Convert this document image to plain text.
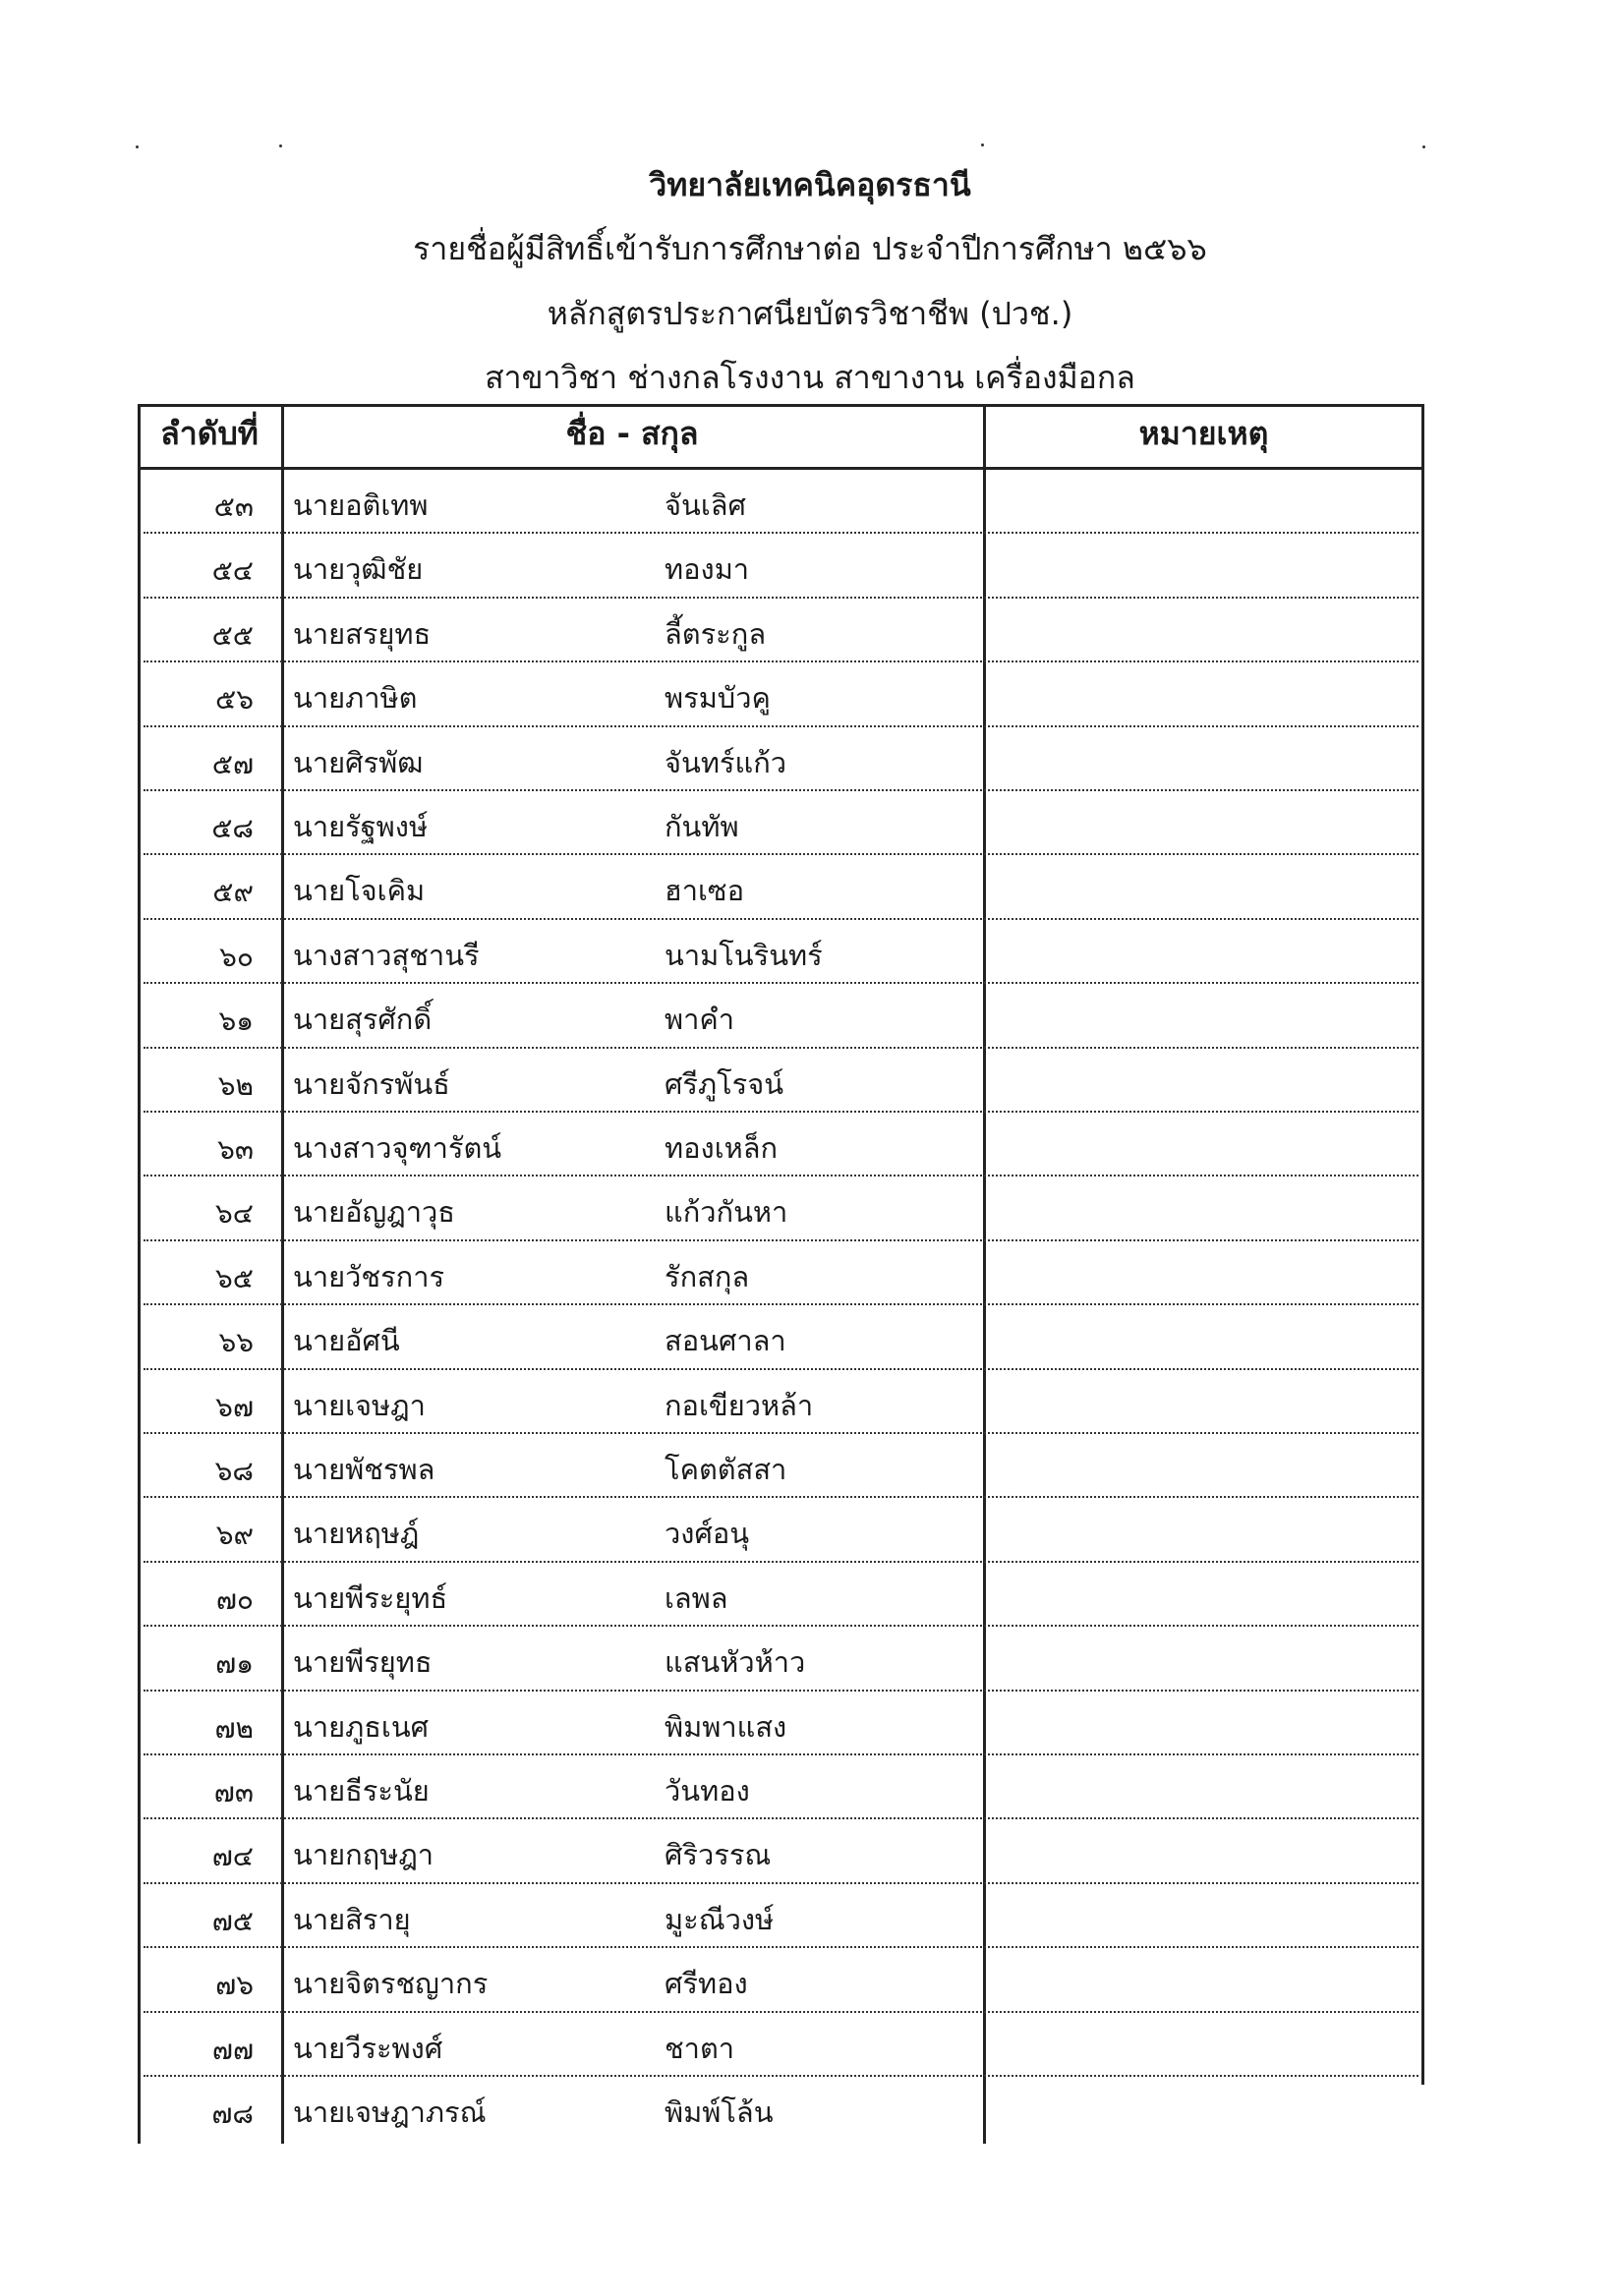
วิทยาลัยเทคนิคอุดรธานี
รายชื่อผู้มีสิทธิ์เข้ารับการศึกษาต่อ ประจำปีการศึกษา ๒๕๖๖
หลักสูตรประกาศนียบัตรวิชาชีพ (ปวช.)
สาขาวิชา ช่างกลโรงงาน สาขางาน เครื่องมือกล
ลำดับที่	ชื่อ - สกุล	หมายเหตุ
๕๓ นายอติเทพ	จันเลิศ
๕๔ นายวุฒิชัย	ทองมา
๕๕ นายสรยุทธ	ลี้ตระกูล
๕๖ นายภาษิต	พรมบัวคู
๕๗ นายศิรพัฒ	จันทร์แก้ว
๕๘ นายรัฐพงษ์	กันทัพ
๕๙ นายโจเคิม	ฮาเซอ
๖๐ นางสาวสุชานรี	นามโนรินทร์
๖๑ นายสุรศักดิ์	พาคำ
๖๒ นายจักรพันธ์	ศรีภูโรจน์
๖๓ นางสาวจุฑารัตน์	ทองเหล็ก
๖๔ นายอัญฎาวุธ	แก้วกันหา
๖๕ นายวัชรการ	รักสกุล
๖๖ นายอัศนี	สอนศาลา
๖๗ นายเจษฎา	กอเขียวหล้า
๖๘ นายพัชรพล	โคตตัสสา
๖๙ นายหฤษฎ์	วงศ์อนุ
๗๐ นายพีระยุทธ์	เลพล
๗๑ นายพีรยุทธ	แสนหัวห้าว
๗๒ นายภูธเนศ	พิมพาแสง
๗๓ นายธีระนัย	วันทอง
๗๔ นายกฤษฎา	ศิริวรรณ
๗๕ นายสิรายุ	มูะณีวงษ์
๗๖ นายจิตรชญากร	ศรีทอง
๗๗ นายวีระพงศ์	ชาตา
๗๘ นายเจษฎาภรณ์	พิมพ์โล้น
